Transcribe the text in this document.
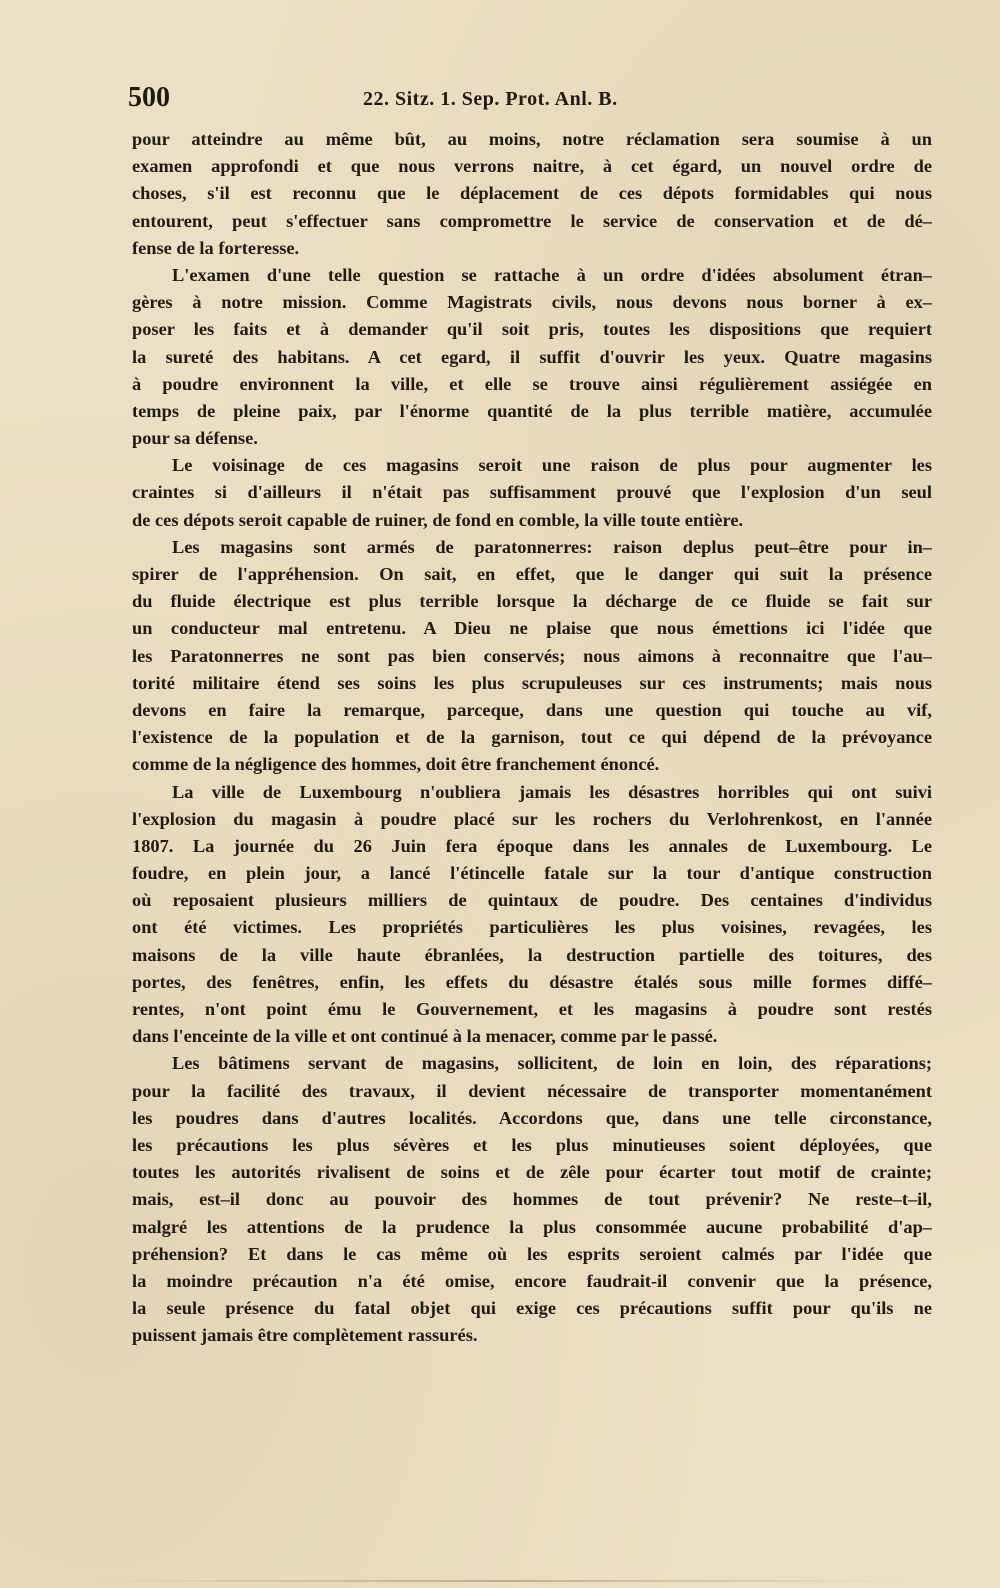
500	22. Sitz. 1. Sep. Prot. Anl. B.
pour atteindre au même bût, au moins, notre réclamation sera soumise à un
examen approfondi et que nous verrons naitre, à cet égard, un nouvel ordre de
choses, s'il est reconnu que le déplacement de ces dépots formidables qui nous
entourent, peut s'effectuer sans compromettre le service de conservation et de dé–
fense de la forteresse.
L'examen d'une telle question se rattache à un ordre d'idées absolument étran–
gères à notre mission. Comme Magistrats civils, nous devons nous borner à ex–
poser les faits et à demander qu'il soit pris, toutes les dispositions que requiert
la sureté des habitans. A cet egard, il suffit d'ouvrir les yeux. Quatre magasins
à poudre environnent la ville, et elle se trouve ainsi régulièrement assiégée en
temps de pleine paix, par l'énorme quantité de la plus terrible matière, accumulée
pour sa défense.
Le voisinage de ces magasins seroit une raison de plus pour augmenter les
craintes si d'ailleurs il n'était pas suffisamment prouvé que l'explosion d'un seul
de ces dépots seroit capable de ruiner, de fond en comble, la ville toute entière.
Les magasins sont armés de paratonnerres: raison deplus peut–être pour in–
spirer de l'appréhension. On sait, en effet, que le danger qui suit la présence
du fluide électrique est plus terrible lorsque la décharge de ce fluide se fait sur
un conducteur mal entretenu. A Dieu ne plaise que nous émettions ici l'idée que
les Paratonnerres ne sont pas bien conservés; nous aimons à reconnaitre que l'au–
torité militaire étend ses soins les plus scrupuleuses sur ces instruments; mais nous
devons en faire la remarque, parceque, dans une question qui touche au vif,
l'existence de la population et de la garnison, tout ce qui dépend de la prévoyance
comme de la négligence des hommes, doit être franchement énoncé.
La ville de Luxembourg n'oubliera jamais les désastres horribles qui ont suivi
l'explosion du magasin à poudre placé sur les rochers du Verlohrenkost, en l'année
1807. La journée du 26 Juin fera époque dans les annales de Luxembourg. Le
foudre, en plein jour, a lancé l'étincelle fatale sur la tour d'antique construction
où reposaient plusieurs milliers de quintaux de poudre. Des centaines d'individus
ont été victimes. Les propriétés particulières les plus voisines, revagées, les
maisons de la ville haute ébranlées, la destruction partielle des toitures, des
portes, des fenêtres, enfin, les effets du désastre étalés sous mille formes diffé–
rentes, n'ont point ému le Gouvernement, et les magasins à poudre sont restés
dans l'enceinte de la ville et ont continué à la menacer, comme par le passé.
Les bâtimens servant de magasins, sollicitent, de loin en loin, des réparations;
pour la facilité des travaux, il devient nécessaire de transporter momentanément
les poudres dans d'autres localités. Accordons que, dans une telle circonstance,
les précautions les plus sévères et les plus minutieuses soient déployées, que
toutes les autorités rivalisent de soins et de zêle pour écarter tout motif de crainte;
mais, est–il donc au pouvoir des hommes de tout prévenir? Ne reste–t–il,
malgré les attentions de la prudence la plus consommée aucune probabilité d'ap–
préhension? Et dans le cas même où les esprits seroient calmés par l'idée que
la moindre précaution n'a été omise, encore faudrait-il convenir que la présence,
la seule présence du fatal objet qui exige ces précautions suffit pour qu'ils ne
puissent jamais être complètement rassurés.
